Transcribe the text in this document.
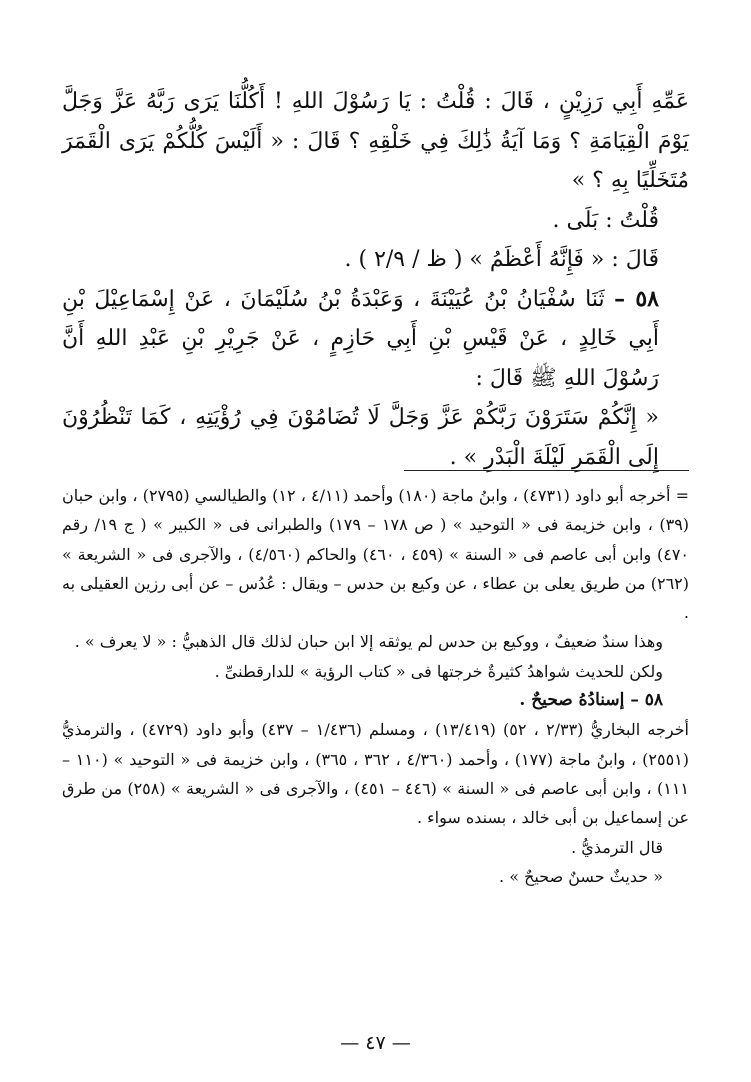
عَمِّهِ أَبِي رَزِيْنٍ ، قَالَ : قُلْتُ : يَا رَسُوْلَ اللهِ ! أَكُلُّنَا يَرَى رَبَّهُ عَزَّ وَجَلَّ يَوْمَ الْقِيَامَةِ ؟ وَمَا آيَةُ ذَٰلِكَ فِي خَلْقِهِ ؟ قَالَ : « أَلَيْسَ كُلُّكُمْ يَرَى الْقَمَرَ مُتَخَلِّيًا بِهِ ؟ »

قُلْتُ : بَلَى .

قَالَ : « فَإِنَّهُ أَعْظَمُ » ( ظ / ٢/٩ ) .

٥٨ – ثَنَا سُفْيَانُ بْنُ عُيَيْنَةَ ، وَعَبْدَةُ بْنُ سُلَيْمَانَ ، عَنْ إِسْمَاعِيْلَ بْنِ أَبِي خَالِدٍ ، عَنْ قَيْسِ بْنِ أَبِي حَازِمٍ ، عَنْ جَرِيْرِ بْنِ عَبْدِ اللهِ أَنَّ رَسُوْلَ اللهِ ﷺ قَالَ :

« إِنَّكُمْ سَتَرَوْنَ رَبَّكُمْ عَزَّ وَجَلَّ لَا تُضَامُوْنَ فِي رُؤْيَتِهِ ، كَمَا تَنْظُرُوْنَ إِلَى الْقَمَرِ لَيْلَةَ الْبَدْرِ » .

= أخرجه أبو داود (٤٧٣١) ، وابنُ ماجة (١٨٠) وأحمد (٤/١١ ، ١٢) والطيالسي (٢٧٩٥) ، وابن حبان (٣٩) ، وابن خزيمة فى « التوحيد » ( ص ١٧٨ – ١٧٩) والطبرانى فى « الكبير » ( ج ١٩/ رقم ٤٧٠) وابن أبى عاصم فى « السنة » (٤٥٩ ، ٤٦٠) والحاكم (٤/٥٦٠) ، والآجرى فى « الشريعة » (٢٦٢) من طريق يعلى بن عطاء ، عن وكيع بن حدس – ويقال : عُدُس – عن أبى رزين العقيلى به .

وهذا سندٌ ضعيفٌ ، ووكيع بن حدس لم يوثقه إلا ابن حبان لذلك قال الذهبيُّ : « لا يعرف » .

ولكن للحديث شواهدُ كثيرةٌ خرجتها فى « كتاب الرؤية » للدارقطنىِّ .

٥٨ – إسنادُهُ صحيحٌ .

أخرجه البخاريُّ (٢/٣٣ ، ٥٢) (١٣/٤١٩) ، ومسلم (١/٤٣٦ – ٤٣٧) وأبو داود (٤٧٢٩) ، والترمذيُّ (٢٥٥١) ، وابنُ ماجة (١٧٧) ، وأحمد (٤/٣٦٠ ، ٣٦٢ ، ٣٦٥) ، وابن خزيمة فى « التوحيد » (١١٠ – ١١١) ، وابن أبى عاصم فى « السنة » (٤٤٦ – ٤٥١) ، والآجرى فى « الشريعة » (٢٥٨) من طرق عن إسماعيل بن أبى خالد ، بسنده سواء .

قال الترمذيُّ .

« حديثٌ حسنٌ صحيحٌ » .

— ٤٧ —
